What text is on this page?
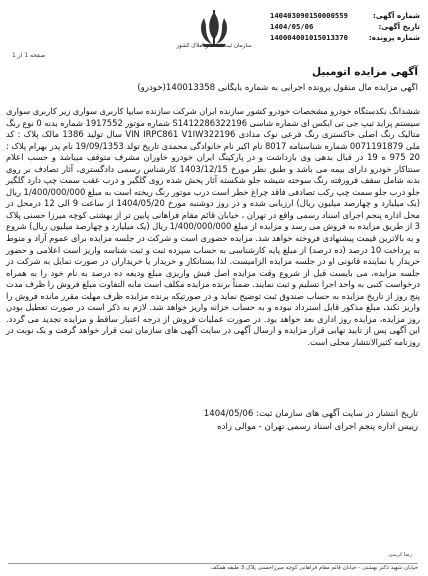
شماره آگهی:
140403090150000559
تاریخ آگهی:
1404/05/06
شماره پرونده:
140004001015013370
سازمان ثبت اسناد و املاک کشور
صفحه 1 از 1
آگهی مزایده اتومبیل
آگهی مزایده مال منقول پرونده اجرایی به شماره بایگانی 140013358(خودرو)
ششدانگ یکدستگاه خودرو مشخصات خودرو کشور سازنده ایران شرکت سازنده سایپا کاربری سواری زیر کاربری سواری سیستم پراید تیپ جی تی ایکس ای شماره شاسی S1412286322196 شماره موتور 1917552 شماره بدنه 0 نوع رنگ متالیک رنگ اصلی خاکستری رنگ فرعی نوک مدادی VIN IRPC861 V1IW322196 سال تولید 1386 مالک پلاک : کد ملی 0071191879 شماره شناسنامه 8017 نام اکبر نام خانوادگی محمدی تاریخ تولد 19/09/1353 نام پدر بهرام پلاک : 20 975 ه 19 در قبال بدهی وی بازداشت و در پارکینگ ایران خودرو خاوران مشرف متوقف میباشد و حسب اعلام سنتاکار خودرو دارای بیمه می باشد و طبق نظر مورخ 1403/12/15 کارشناس رسمی دادگستری، آثار تصادف بر روی بدنه شامل سقف فرورفته رنگ سوخته شیشه جلو شکسته آثار پخش شده روی گلگیر و درب عقب سمت چپ دارد گلگیر جلو درب جلو سمت چپ رکب تصادفی فاقد چراغ خطر است درب موتور رنگ ریخته است به مبلغ 1/400/000/000 ریال (یک میلیارد و چهارصد میلیون ریال) ارزیابی شده و در روز دوشنبه مورخ 1404/05/20 از ساعت 9 الی 12 درمحل در محل اداره پنجم اجرای اسناد رسمی واقع در تهران ، خیابان قائم مقام فراهانی پایین تر از بهشتی کوچه میرزا حسنی پلاک 3 از طریق مزایده به فروش می رسد و مزایده از مبلغ 1/400/000/000 ریال (یک میلیارد و چهارصد میلیون ریال) شروع و به بالاترین قیمت پیشنهادی فروخته خواهد شد. مزایده حضوری است و شرکت در جلسه مزایده برای عموم آزاد و منوط به پرداخت 10 درصد (ده درصد) از مبلغ پایه کارشناسی به حساب سپرده ثبت و ثبت شناسه واریز است اعلامی و حضور خریدار یا نماینده قانونی او در جلسه مزایده الزامیست. لذا بستانکار و خریدار یا خریداران در صورت تمایل به شرکت در جلسه مزایده، می بایست قبل از شروع وقت مزایده اصل فیش واریزی مبلغ ودیعه ده درصد به نام خود را به همراه درخواست کتبی به واحد اجرا تسلیم و ثبت نمایند. ضمناً برنده مزایده مکلف است مابه التفاوت مبلغ فروش را ظرف مدت پنج روز از تاریخ مزایده به حساب صندوق ثبت توضیح نماید و در صورتیکه برنده مزایده ظرف مهلت مقرر مانده فروش را واریز نکند، مبلغ مذکور قابل استرداد نبوده و به حساب خزانه واریز خواهد شد. لازم به ذکر است در صورت تعطیل بودن روز مزایده، مزایده روز اداری بعد خواهد بود. در صورت عملیات فروش از درجه اعتبار ساقط و مزایده تجدید می گردد. این آگهی پس از تایید نهایی قرار مزایده و ارسال آگهی در سایت آگهی های سازمان ثبت قرار خواهد گرفت و یک نوبت در روزنامه کثیرالانتشار محلی است.
تاریخ انتشار در سایت آگهی های سازمان ثبت: 1404/05/06
رییس اداره پنجم اجرای اسناد رسمی تهران - موالی زاده
رضا کریمی
خیابان شهید دکتر بهشتی - خیابان قائم مقام فراهانی کوچه میرزاحسنی پلاک 3 طبقه همکف
